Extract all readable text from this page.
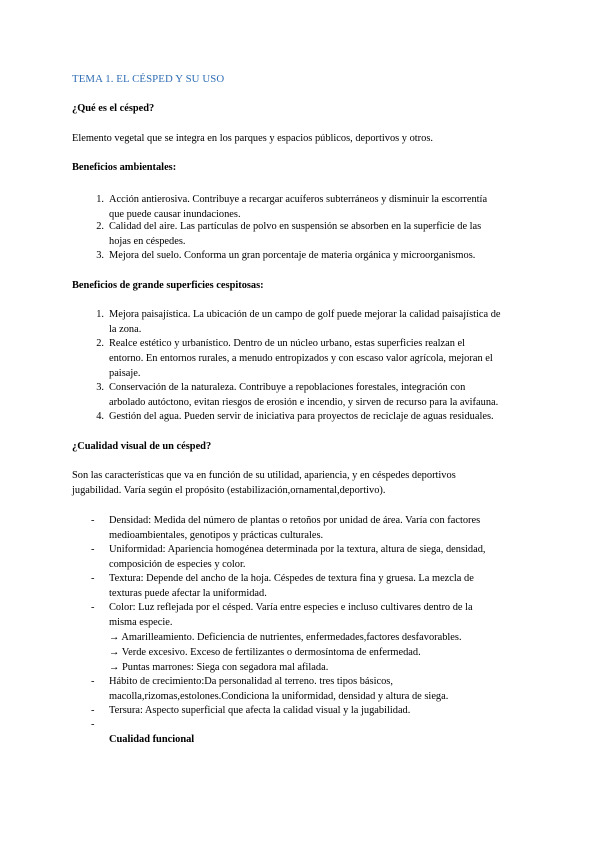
TEMA 1. EL CÉSPED Y SU USO
¿Qué es el césped?
Elemento vegetal que se integra en los parques y espacios públicos, deportivos y otros.
Beneficios ambientales:
1. Acción antierosiva. Contribuye a recargar acuíferos subterráneos y disminuir la escorrentía
que puede causar inundaciones.
2. Calidad del aire. Las partículas de polvo en suspensión se absorben en la superficie de las
hojas en céspedes.
3. Mejora del suelo. Conforma un gran porcentaje de materia orgánica y microorganismos.
Beneficios de grande superficies cespitosas:
1. Mejora paisajística. La ubicación de un campo de golf puede mejorar la calidad paisajística de
la zona.
2. Realce estético y urbanístico. Dentro de un núcleo urbano, estas superficies realzan el
entorno. En entornos rurales, a menudo entropizados y con escaso valor agrícola, mejoran el
paisaje.
3. Conservación de la naturaleza. Contribuye a repoblaciones forestales, integración con
arbolado autóctono, evitan riesgos de erosión e incendio, y sirven de recurso para la avifauna.
4. Gestión del agua. Pueden servir de iniciativa para proyectos de reciclaje de aguas residuales.
¿Cualidad visual de un césped?
Son las características que va en función de su utilidad, apariencia, y en céspedes deportivos
jugabilidad. Varía según el propósito (estabilización,ornamental,deportivo).
- Densidad: Medida del número de plantas o retoños por unidad de área. Varía con factores
medioambientales, genotipos y prácticas culturales.
- Uniformidad: Apariencia homogénea determinada por la textura, altura de siega, densidad,
composición de especies y color.
- Textura: Depende del ancho de la hoja. Céspedes de textura fina y gruesa. La mezcla de
texturas puede afectar la uniformidad.
- Color: Luz reflejada por el césped. Varía entre especies e incluso cultivares dentro de la
misma especie.
→ Amarilleamiento. Deficiencia de nutrientes, enfermedades,factores desfavorables.
→ Verde excesivo. Exceso de fertilizantes o dermosíntoma de enfermedad.
→ Puntas marrones: Siega con segadora mal afilada.
- Hábito de crecimiento:Da personalidad al terreno. tres tipos básicos,
macolla,rizomas,estolones.Condiciona la uniformidad, densidad y altura de siega.
- Tersura: Aspecto superficial que afecta la calidad visual y la jugabilidad.
-
Cualidad funcional
